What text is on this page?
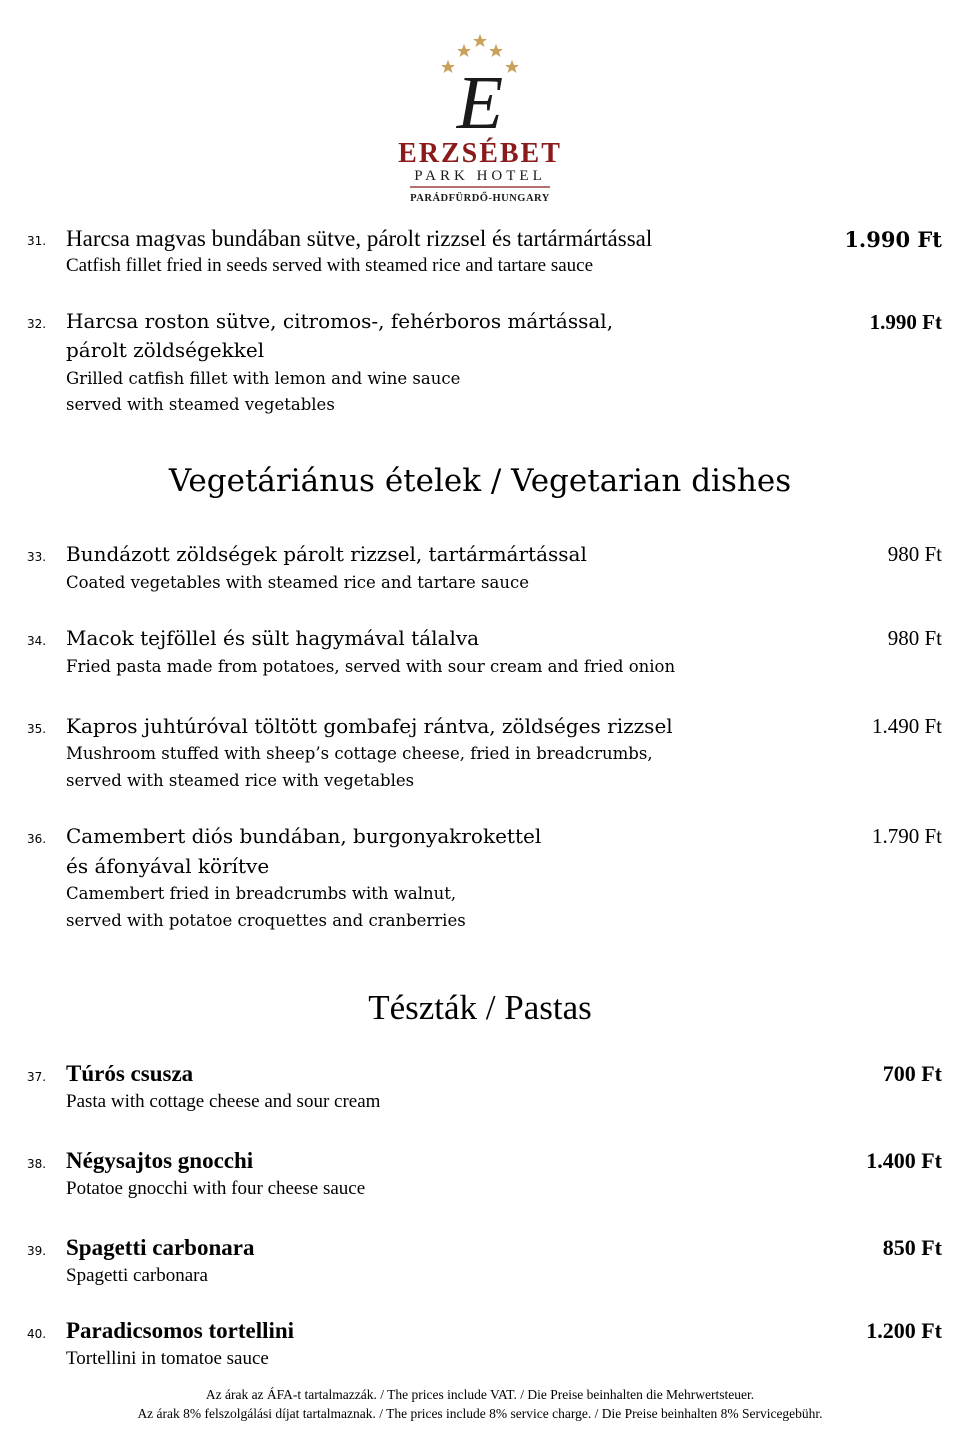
E
ERZSÉBET
PARK HOTEL
PARÁDFÜRDŐ-HUNGARY
31. Harcsa magvas bundában sütve, párolt rizzsel és tartármártással	1.990 Ft
Catfish fillet fried in seeds served with steamed rice and tartare sauce
32. Harcsa roston sütve, citromos-, fehérboros mártással,
párolt zöldségekkel
1.990 Ft
Grilled catfish fillet with lemon and wine sauce
served with steamed vegetables
Vegetáriánus ételek / Vegetarian dishes
33. Bundázott zöldségek párolt rizzsel, tartármártással	980 Ft
Coated vegetables with steamed rice and tartare sauce
34. Macok tejföllel és sült hagymával tálalva	980 Ft
Fried pasta made from potatoes, served with sour cream and fried onion
35. Kapros juhtúróval töltött gombafej rántva, zöldséges rizzsel	1.490 Ft
Mushroom stuffed with sheep’s cottage cheese, fried in breadcrumbs,
served with steamed rice with vegetables
36. Camembert diós bundában, burgonyakrokettel
és áfonyával körítve
1.790 Ft
Camembert fried in breadcrumbs with walnut,
served with potatoe croquettes and cranberries
Tészták / Pastas
37. Túrós csusza	700 Ft
Pasta with cottage cheese and sour cream
38. Négysajtos gnocchi	1.400 Ft
Potatoe gnocchi with four cheese sauce
39. Spagetti carbonara	850 Ft
Spagetti carbonara
40. Paradicsomos tortellini	1.200 Ft
Tortellini in tomatoe sauce
Az árak az ÁFA-t tartalmazzák. / The prices include VAT. / Die Preise beinhalten die Mehrwertsteuer.
Az árak 8% felszolgálási díjat tartalmaznak. / The prices include 8% service charge. / Die Preise beinhalten 8% Servicegebühr.
